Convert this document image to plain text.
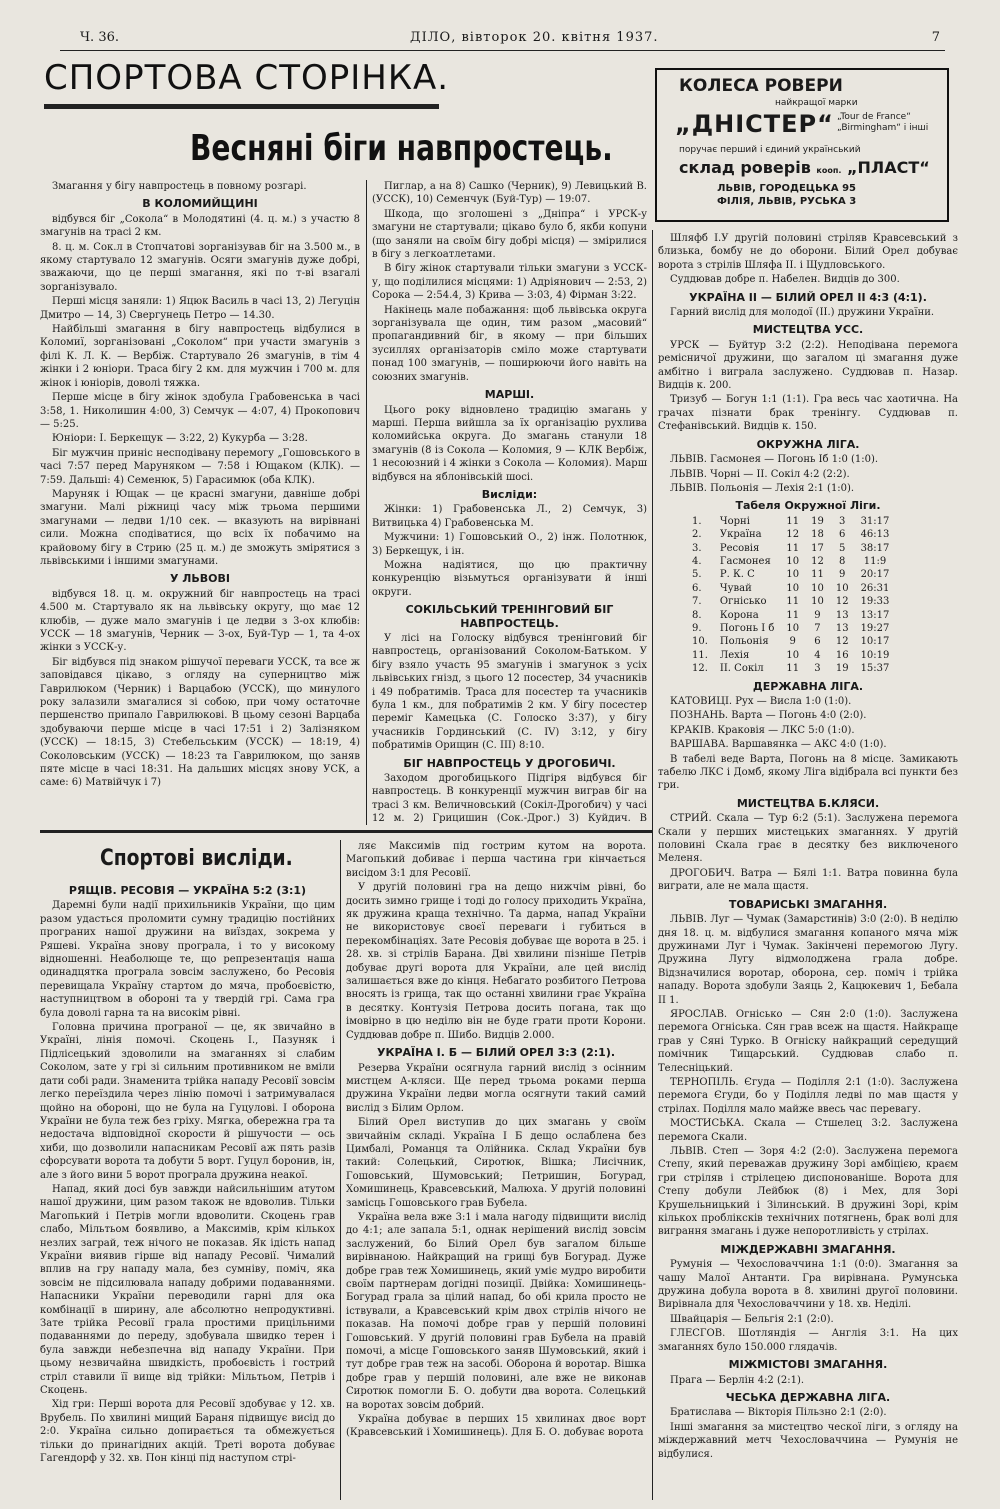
Ч. 36.	ДІЛО, вівторок 20. квітня 1937.	7
СПОРТОВА СТОРІНКА.
Весняні біги навпростець.
КОЛЕСА РОВЕРИ
найкращої марки
„ДНІСТЕР“ „Tour de France“ „Birmingham“ і інші
поручає перший і єдиний український
склад роверів коoп. „ПЛАСТ“
ЛЬВІВ, ГОРОДЕЦЬКА 95
ФІЛІЯ, ЛЬВІВ, РУСЬКА 3

Змагання у бігу навпростець в повному розгарі.

В КОЛОМИЙЩИНІ

відбувся біг „Сокола“ в Молодятині (4. ц. м.) з участю 8 змагунів на трасі 2 км.

8. ц. м. Сок.л в Стопчатові зорганізував біг на 3.500 м., в якому стартувало 12 змагунів. Осяги змагунів дуже добрі, зважаючи, що це перші змагання, які по т-ві взагалі зорганізувало.

Перші місця заняли: 1) Яцюк Василь в часі 13, 2) Легуцін Дмитро — 14, 3) Свергунець Петро — 14.30.

Найбільші змагання в бігу навпростець відбулися в Коломиї, зорганізовані „Соколом“ при участи змагунів з філі К. Л. К. — Вербіж. Стартувало 26 змагунів, в тім 4 жінки і 2 юніори. Траса бігу 2 км. для мужчин і 700 м. для жінок і юніорів, доволі тяжка.

Перше місце в бігу жінок здобула Грабовенська в часі 3:58, 1. Николишин 4:00, 3) Семчук — 4:07, 4) Прокопович — 5:25.

Юніори: І. Беркещук — 3:22, 2) Кукурба — 3:28.

Біг мужчин приніс несподівану перемогу „Гошовського в часі 7:57 перед Маруняком — 7:58 і Ющаком (КЛК). — 7:59. Дальші: 4) Семенюк, 5) Гарасимюк (оба КЛК).

Маруняк і Ющак — це красні змагуни, давніше добрі змагуни. Малі ріжниці часу між трьома першими змагунами — ледви 1/10 сек. — вказують на вирівнані сили. Можна сподіватися, що всіх їх побачимо на крайовому бігу в Стрию (25 ц. м.) де зможуть змірятися з львівськими і іншими змагунами.

У ЛЬВОВІ

відбувся 18. ц. м. окружний біг навпростець на трасі 4.500 м. Стартувало як на львівську округу, що має 12 клюбів, — дуже мало змагунів і це ледви з 3-ох клюбів: УССК — 18 змагунів, Черник — 3-ох, Буй-Тур — 1, та 4-ох жінки з УССК-у.

Біг відбувся під знаком рішучої переваги УССК, та все ж заповідався цікаво, з огляду на суперництво між Гаврилюком (Черник) і Варцабою (УССК), що минулого року залазили змагалися зі собою, при чому остаточне першенство припало Гаврилюкові. В цьому сезоні Варцаба здобуваючи перше місце в часі 17:51 і 2) Залізняком (УССК) — 18:15, 3) Стебельським (УССК) — 18:19, 4) Соколовським (УССК) — 18:23 та Гаврилюком, що заняв пяте місце в часі 18:31. На дальших місцях знову УСК, а саме: 6) Матвійчук і 7)

Пиглар, а на 8) Сашко (Черник), 9) Левицький В. (УССК), 10) Семенчук (Буй-Тур) — 19:07.

Шкода, що зголошені з „Дніпра“ і УРСК-у змагуни не стартували; цікаво було б, якби копуни (що заняли на своїм бігу добрі місця) — змірилися в бігу з легкоатлетами.

В бігу жінок стартували тільки змагуни з УССК-у, що поділилися місцями: 1) Адріянович — 2:53, 2) Сорока — 2:54.4, 3) Крива — 3:03, 4) Фірман 3:22.

Накінець мале побажання: щоб львівська округа зорганізувала ще один, тим разом „масовий“ пропагандивний біг, в якому — при більших зусиллях організаторів сміло може стартувати понад 100 змагунів, — поширюючи його навіть на союзних змагунів.

МАРШІ.

Цього року відновлено традицію змагань у марші. Перша вийшла за їх організацію рухлива коломийська округа. До змагань станули 18 змагунів (8 із Сокола — Коломия, 9 — КЛК Вербіж, 1 несоюзний і 4 жінки з Сокола — Коломия). Марш відбувся на яблонівській шосі.

Висліди:

Жінки: 1) Грабовенська Л., 2) Семчук, 3) Витвицька 4) Грабовенська М.

Мужчини: 1) Гошовський О., 2) інж. Полотнюк, 3) Беркещук, і ін.

Можна надіятися, що цю практичну конкуренцію візьмуться організувати й інші округи.

СОКІЛЬСЬКИЙ ТРЕНІНГОВИЙ БІГ НАВПРОСТЕЦЬ.

У лісі на Голоску відбувся тренінговий біг навпростець, організований Соколом-Батьком. У бігу взяло участь 95 змагунів і змагунок з усіх львівських гнізд, з цього 12 посестер, 34 учасників і 49 побратимів. Траса для посестер та учасників була 1 км., для побратимів 2 км. У бігу посестер переміг Камецька (С. Голоско 3:37), у бігу учасників Гординський (С. IV) 3:12, у бігу побратимів Орищин (С. III) 8:10.

БІГ НАВПРОСТЕЦЬ У ДРОГОБИЧІ.

Заходом дрогобицького Підгіря відбувся біг навпростець. В конкуренції мужчин виграв біг на трасі 3 км. Величновський (Сокіл-Дрогобич) у часі 12 м. 2) Грицишин (Сок.-Дрог.) 3) Куйдич. В

Шляфб І.У другій половині стріляв Кравсевський з близька, бомбу не до оборони. Білий Орел добуває ворота з стрілів Шляфа ІІ. і Щудловського.

Суддював добре п. Набелен. Видців до 300.

УКРАЇНА ІІ — БІЛИЙ ОРЕЛ ІІ 4:3 (4:1).

Гарний вислід для молодої (ІІ.) дружини України.

МИСТЕЦТВА УСС.

УРСК — Буйтур 3:2 (2:2). Неподівана перемога ремісничої дружини, що загалом ці змагання дуже амбітно і виграла заслужено. Суддював п. Назар. Видців к. 200.

Тризуб — Богун 1:1 (1:1). Гра весь час хаотична. На грачах пізнати брак тренінгу. Суддював п. Стефанівський. Видців к. 150.

ОКРУЖНА ЛІГА.

ЛЬВІВ. Гасмонея — Погонь Іб 1:0 (1:0).

ЛЬВІВ. Чорні — ІІ. Сокіл 4:2 (2:2).

ЛЬВІВ. Польонія — Лехія 2:1 (1:0).

Табеля Окружної Ліги.
1.	Чорні	11	19	3	31:17
2.	Україна	12	18	6	46:13
3.	Ресовія	11	17	5	38:17
4.	Гасмонея	10	12	8	11:9
5.	Р. К. С	10	11	9	20:17
6.	Чувай	10	10	10	26:31
7.	Огнісько	11	10	12	19:33
8.	Корона	11	9	13	13:17
9.	Погонь І б	10	7	13	19:27
10.	Польонія	9	6	12	10:17
11.	Лехія	10	4	16	10:19
12.	ІІ. Сокіл	11	3	19	15:37
ДЕРЖАВНА ЛІГА.

КАТОВИЦІ. Рух — Висла 1:0 (1:0).

ПОЗНАНЬ. Варта — Погонь 4:0 (2:0).

КРАКІВ. Краковія — ЛКС 5:0 (1:0).

ВАРШАВА. Варшавянка — АКС 4:0 (1:0).

В табелі веде Варта, Погонь на 8 місце. Замикають табелю ЛКС і Домб, якому Ліга відібрала всі пункти без гри.

МИСТЕЦТВА Б.КЛЯСИ.

СТРИЙ. Скала — Тур 6:2 (5:1). Заслужена перемога Скали у перших мистецьких змаганнях. У другій половині Скала грає в десятку без виключеного Меленя.

ДРОГОБИЧ. Ватра — Бялі 1:1. Ватра повинна була виграти, але не мала щастя.

ТОВАРИСЬКІ ЗМАГАННЯ.

ЛЬВІВ. Луг — Чумак (Замарстинів) 3:0 (2:0). В неділю дня 18. ц. м. відбулися змагання копаного мяча між дружинами Луг і Чумак. Закінчені перемогою Лугу. Дружина Лугу відмолоджена грала добре. Відзначилися воротар, оборона, сер. поміч і трійка нападу. Ворота здобули Заяць 2, Кацюкевич 1, Бебала ІІ 1.

ЯРОСЛАВ. Огнісько — Сян 2:0 (1:0). Заслужена перемога Огніська. Сян грав всеж на щастя. Найкраще грав у Сяні Турко. В Огніску найкращий середущий помічник Тищарський. Суддював слабо п. Телесніцький.

ТЕРНОПІЛЬ. Єгуда — Поділля 2:1 (1:0). Заслужена перемога Єгуди, бо у Поділля ледві по мав щастя у стрілах. Поділля мало майже ввесь час перевагу.

МОСТИСЬКА. Скала — Стшелец 3:2. Заслужена перемога Скали.

ЛЬВІВ. Степ — Зоря 4:2 (2:0). Заслужена перемога Степу, який переважав дружину Зорі амбіцією, краєм гри стріляв і стрілецею диспонованіше. Ворота для Степу добули Лейбюк (8) і Мех, для Зорі Крушельницький і Зілинський. В дружині Зорі, крім кількох пробліксків технічних потягнень, брак волі для виграння змагань і дуже непоротливість у стрілах.

МІЖДЕРЖАВНІ ЗМАГАННЯ.

Румунія — Чехословаччина 1:1 (0:0). Змагання за чашу Малої Антанти. Гра вирівнана. Румунська дружина добула ворота в 8. хвилині другої половини. Вирівнала для Чехословаччини у 18. хв. Неділі.

Швайцарія — Бельгія 2:1 (2:0).

ГЛЕСГОВ. Шотляндія — Англія 3:1. На цих змаганнях було 150.000 глядачів.

МІЖМІСТОВІ ЗМАГАННЯ.

Прага — Берлін 4:2 (2:1).

ЧЕСЬКА ДЕРЖАВНА ЛІГА.

Братислава — Вікторія Пільзно 2:1 (2:0).

Інші змагання за мистецтво ческої ліги, з огляду на міждержавний метч Чехословаччина — Румунія не відбулися.

Спортові висліди.
РЯЩІВ. РЕСОВІЯ — УКРАЇНА 5:2 (3:1)

Даремні були надії прихильників України, що цим разом удасться проломити сумну традицію постійних програних нашої дружини на виїздах, зокрема у Ряшеві. Україна знову програла, і то у високому відношенні. Неаболюще те, що репрезентація наша одинадцятка програла зовсім заслужено, бо Ресовія перевищала Україну стартом до мяча, пробоєвістю, наступництвом в обороні та у твердій грі. Сама гра була доволі гарна та на високім рівні.

Головна причина програної — це, як звичайно в Україні, лінія помочі. Скоцень І., Пазуняк і Підлісецький здоволили на змаганнях зі слабим Соколом, зате у грі зі сильним противником не вміли дати собі ради. Знаменита трійка нападу Ресовії зовсім легко переїздила через лінію помочі і затримувалася щойно на обороні, що не була на Гуцулові. І оборона України не була теж без гріху. Мягка, обережна гра та недостача відповідної скорости й рішучости — ось хиби, що дозволили напасникам Ресовії аж пять разів сфорсувати ворота та добути 5 ворт. Гуцул боронив, ін, але з його вини 5 ворот програла дружина неакої.

Напад, який досі був завжди найсильнішим атутом нашої дружини, цим разом також не вдоволив. Тільки Магопький і Петрів могли вдоволити. Скоцень грав слабо, Мільтьом боявливо, а Максимів, крім кількох незлих заграй, теж нічого не показав. Як ідість напад України виявив гірше від нападу Ресовії. Чималий вплив на гру нападу мала, без сумніву, поміч, яка зовсім не підсилювала нападу добрими подаваннями. Напасники України переводили гарні для ока комбінації в ширину, але абсолютно непродуктивні. Зате трійка Ресовії грала простими прицільними подаваннями до переду, здобувала швидко терен і була завжди небезпечна від нападу України. При цьому незвичайна швидкість, пробоєвість і гострий стріл ставили її вище від трійки: Мільтьом, Петрів і Скоцень.

Хід гри: Перші ворота для Ресовії здобуває у 12. хв. Врубель. По хвилині мищий Бараня підвищує висід до 2:0. Україна сильно допирається та обмежується тільки до принагідних акцій. Треті ворота добуває Гагендорф у 32. хв. Пон кінці під наступом стрі-

ляє Максимів під гострим кутом на ворота. Магопький добиває і перша частина гри кінчається висідом 3:1 для Ресовії.

У другій половині гра на дещо нижчім рівні, бо досить зимно грище і тоді до голосу приходить Україна, як дружина краща технічно. Та дарма, напад України не використовує своєї переваги і губиться в перекомбінаціях. Зате Ресовія добуває ще ворота в 25. і 28. хв. зі стрілів Барана. Дві хвилини пізніше Петрів добуває другі ворота для України, але цей вислід залишається вже до кінця. Небагато розбитого Петрова вносять із грища, так що останні хвилини грає Україна в десятку. Контузія Петрова досить погана, так що імовірно в цю неділю він не буде грати проти Корони. Суддював добре п. Шибо. Видців 2.000.

УКРАЇНА І. Б — БІЛИЙ ОРЕЛ 3:3 (2:1).

Резерва України осягнула гарний вислід з осінним мистцем А-кляси. Ще перед трьома роками перша дружина України ледви могла осягнути такий самий вислід з Білим Орлом.

Білий Орел виступив до цих змагань у своїм звичайнім складі. Україна І Б дещо ослаблена без Цимбалі, Романця та Олійника. Склад України був такий: Солецький, Сиротюк, Вішка; Лисічник, Гошовський, Шумовський; Петришин, Богурад, Хомишинець, Кравсевський, Малюха. У другій половині замісць Гошовського грав Бубела.

Україна вела вже 3:1 і мала нагоду підвищити вислід до 4:1; але запала 5:1, однак нерішений вислід зовсім заслужений, бо Білий Орел був загалом більше вирівнаною. Найкращий на грищі був Богурад. Дуже добре грав теж Хомишинець, який уміє мудро виробити своїм партнерам догідні позиції. Двійка: Хомишинець-Богурад грала за цілий напад, бо обі крила просто не іствували, а Кравсевський крім двох стрілів нічого не показав. На помочі добре грав у першій половині Гошовський. У другій половині грав Бубела на правій помочі, а місце Гошовського заняв Шумовський, який і тут добре грав теж на засобі. Оборона й воротар. Вішка добре грав у першій половині, але вже не виконав Сиротюк помогли Б. О. добути два ворота. Солецький на воротах зовсім добрий.

Україна добуває в перших 15 хвилинах двоє ворт (Кравсевський і Хомишинець). Для Б. О. добуває ворота
